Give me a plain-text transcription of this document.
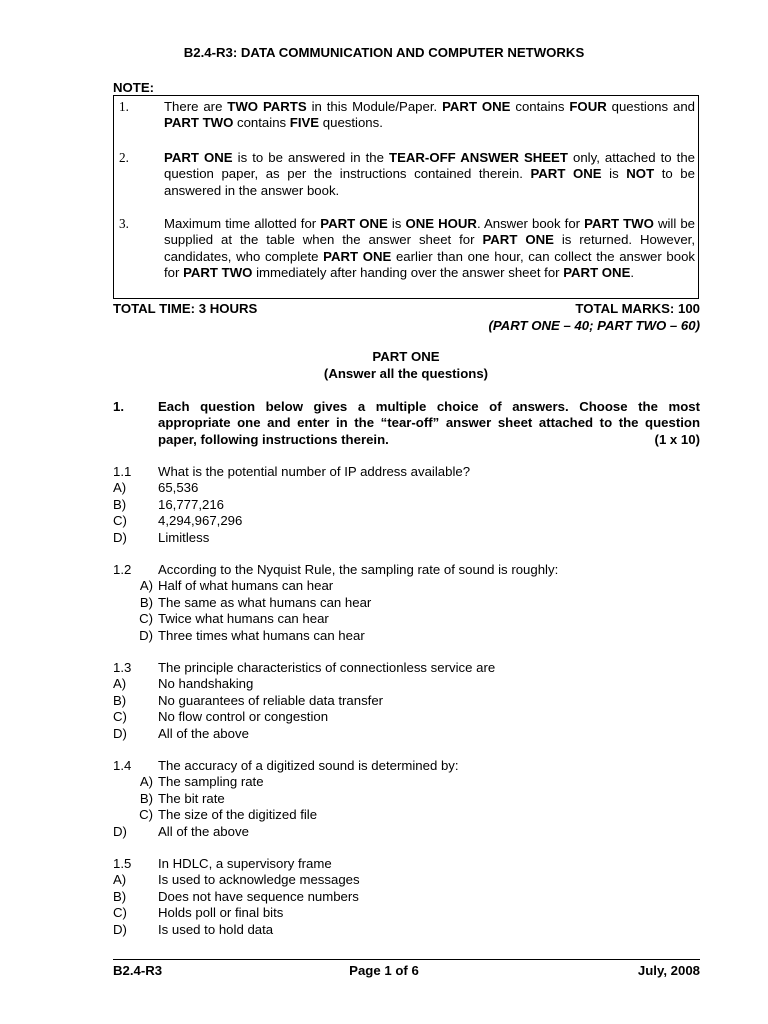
B2.4-R3: DATA COMMUNICATION AND COMPUTER NETWORKS
NOTE:
1.	There are TWO PARTS in this Module/Paper. PART ONE contains FOUR questions and PART TWO contains FIVE questions.
2.	PART ONE is to be answered in the TEAR-OFF ANSWER SHEET only, attached to the question paper, as per the instructions contained therein. PART ONE is NOT to be answered in the answer book.
3.	Maximum time allotted for PART ONE is ONE HOUR. Answer book for PART TWO will be supplied at the table when the answer sheet for PART ONE is returned. However, candidates, who complete PART ONE earlier than one hour, can collect the answer book for PART TWO immediately after handing over the answer sheet for PART ONE.
TOTAL TIME: 3 HOURS	TOTAL MARKS: 100
(PART ONE – 40; PART TWO – 60)
PART ONE
(Answer all the questions)
1.	Each question below gives a multiple choice of answers. Choose the most appropriate one and enter in the “tear-off” answer sheet attached to the question paper, following instructions therein.	(1 x 10)
1.1 What is the potential number of IP address available?
A) 65,536
B) 16,777,216
C) 4,294,967,296
D) Limitless
1.2 According to the Nyquist Rule, the sampling rate of sound is roughly:
A) Half of what humans can hear
B) The same as what humans can hear
C) Twice what humans can hear
D) Three times what humans can hear
1.3 The principle characteristics of connectionless service are
A) No handshaking
B) No guarantees of reliable data transfer
C) No flow control or congestion
D) All of the above
1.4 The accuracy of a digitized sound is determined by:
A) The sampling rate
B) The bit rate
C) The size of the digitized file
D) All of the above
1.5 In HDLC, a supervisory frame
A) Is used to acknowledge messages
B) Does not have sequence numbers
C) Holds poll or final bits
D) Is used to hold data
B2.4-R3	Page 1 of 6	July, 2008
